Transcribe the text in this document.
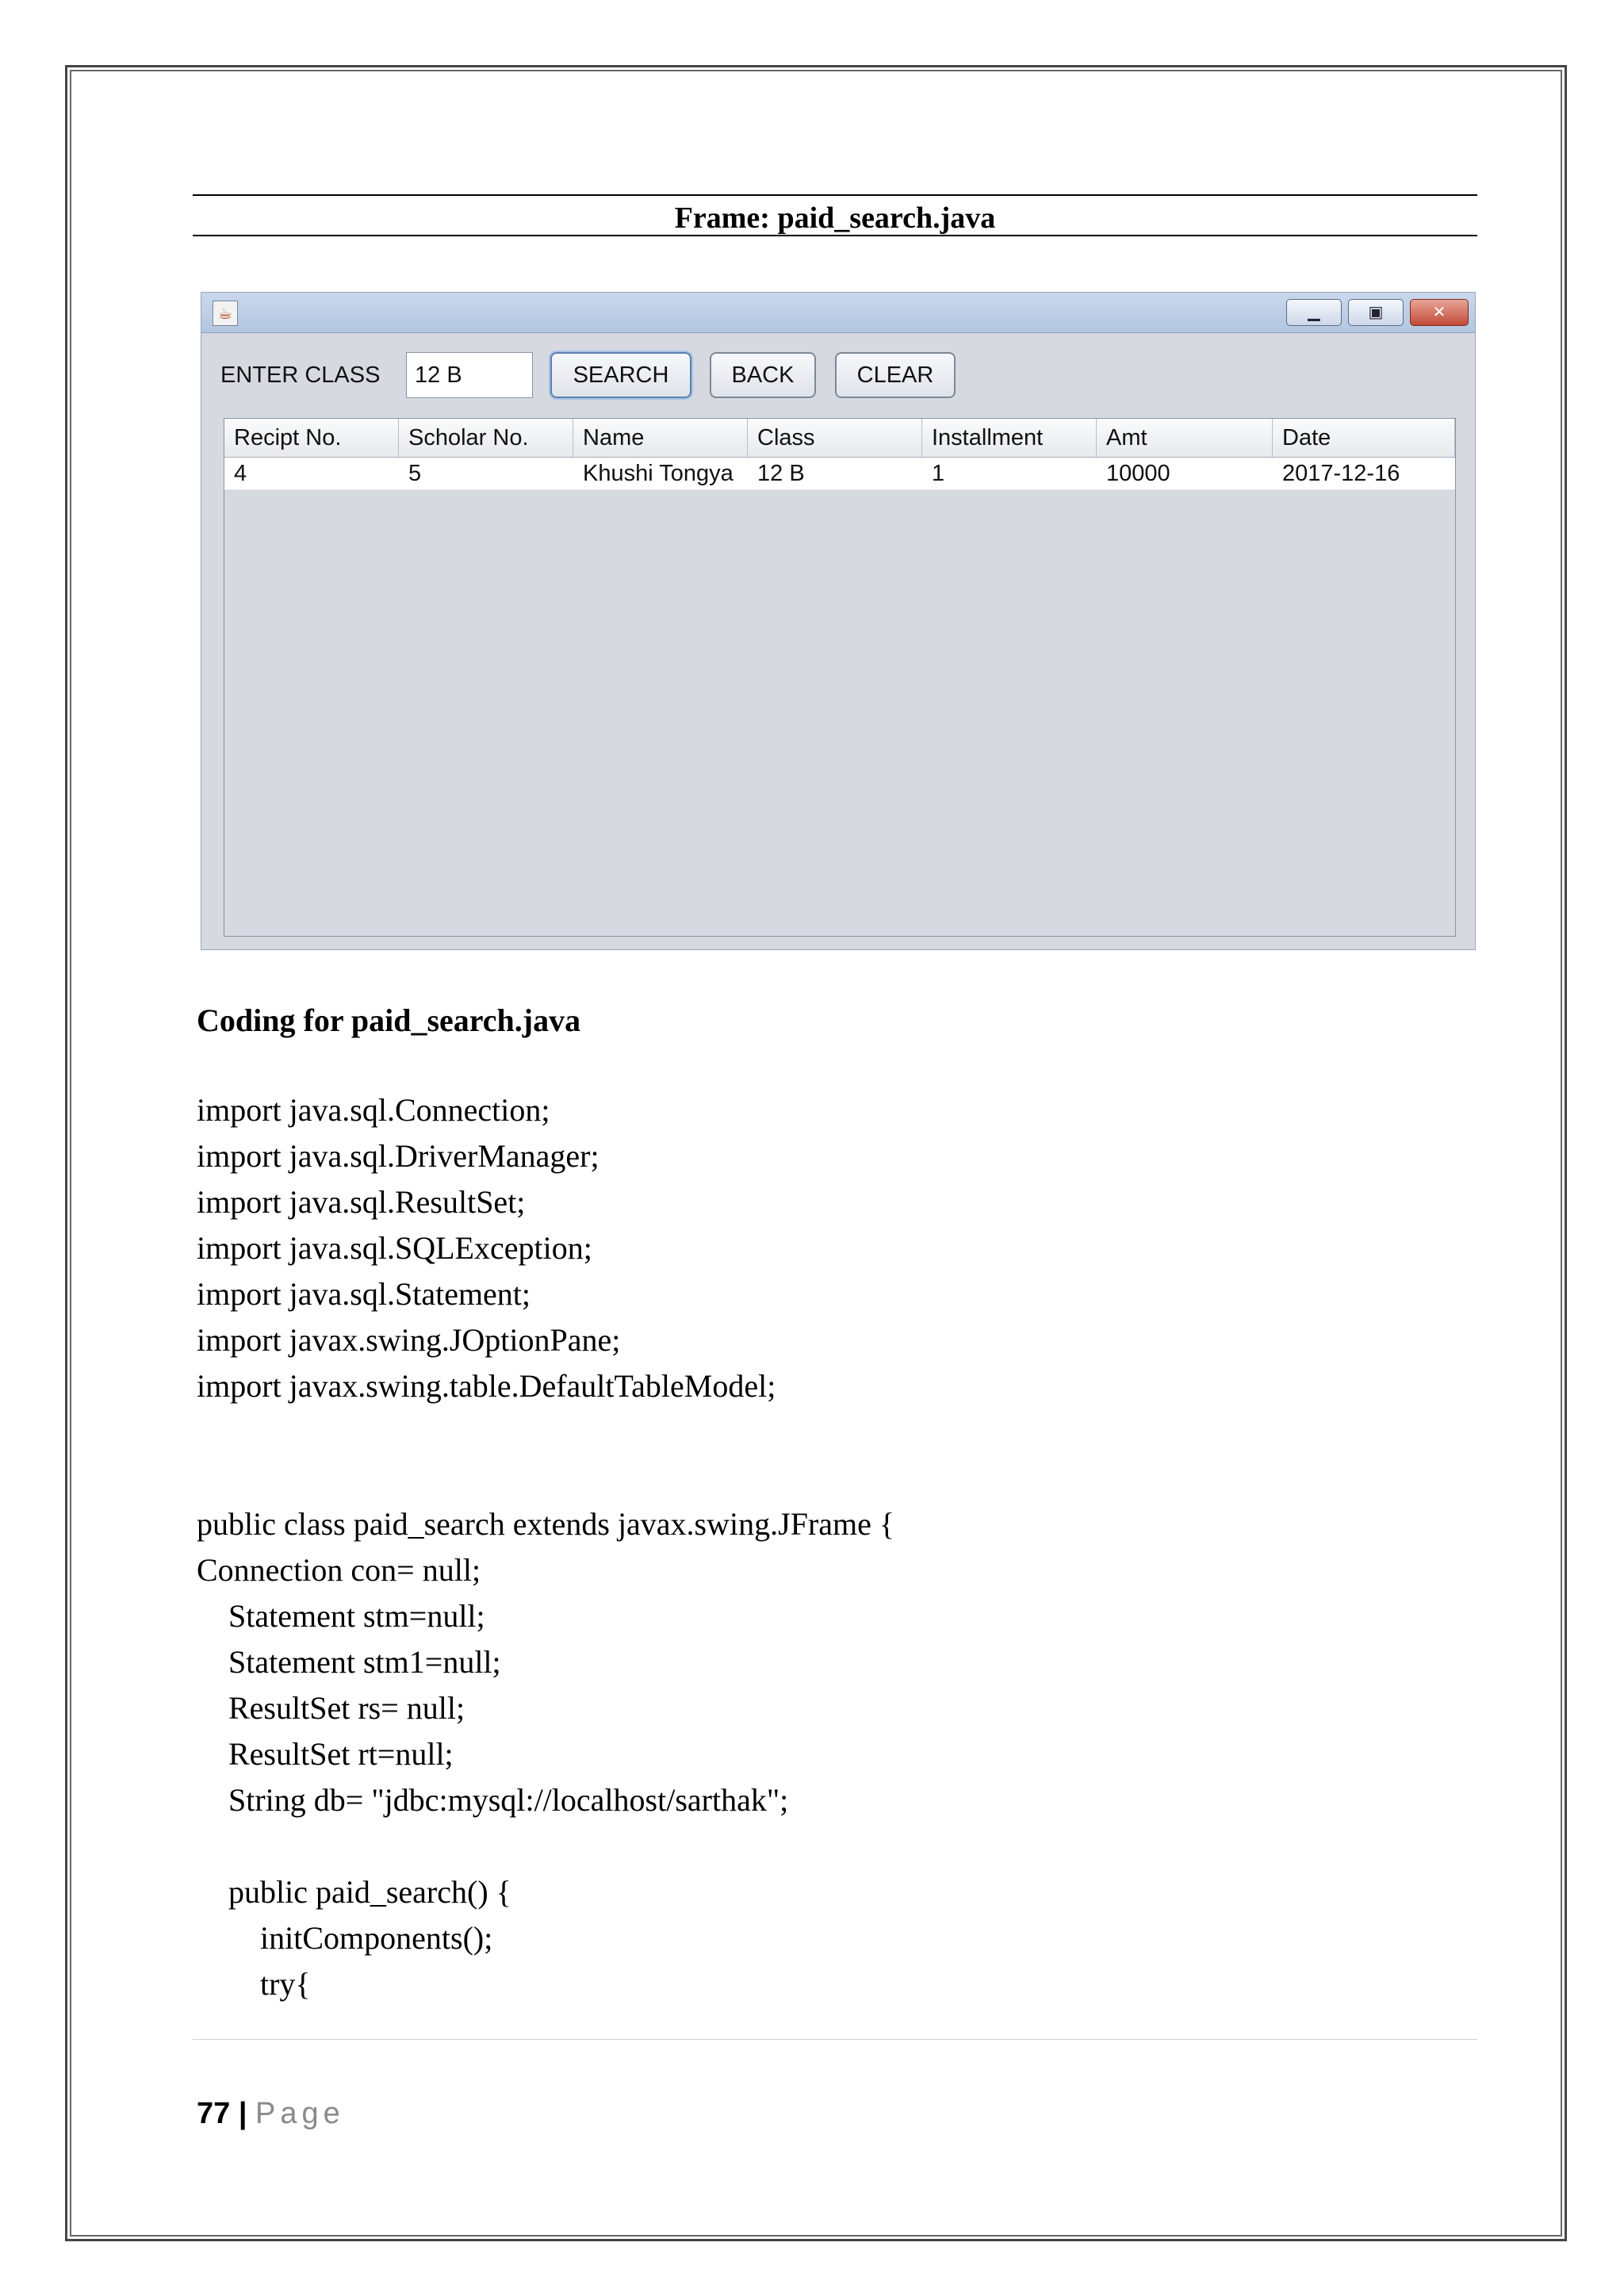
Frame: paid_search.java
☕	▁	▣	✕
ENTER CLASS	12 B	SEARCH	BACK	CLEAR
Recipt No.	Scholar No.	Name	Class	Installment	Amt	Date
4	5	Khushi Tongya	12 B	1	10000	2017-12-16
Coding for paid_search.java
import java.sql.Connection;
import java.sql.DriverManager;
import java.sql.ResultSet;
import java.sql.SQLException;
import java.sql.Statement;
import javax.swing.JOptionPane;
import javax.swing.table.DefaultTableModel;
public class paid_search extends javax.swing.JFrame {
Connection con= null;
Statement stm=null;
Statement stm1=null;
ResultSet rs= null;
ResultSet rt=null;
String db= "jdbc:mysql://localhost/sarthak";
public paid_search() {
initComponents();
try{
77 | Page
